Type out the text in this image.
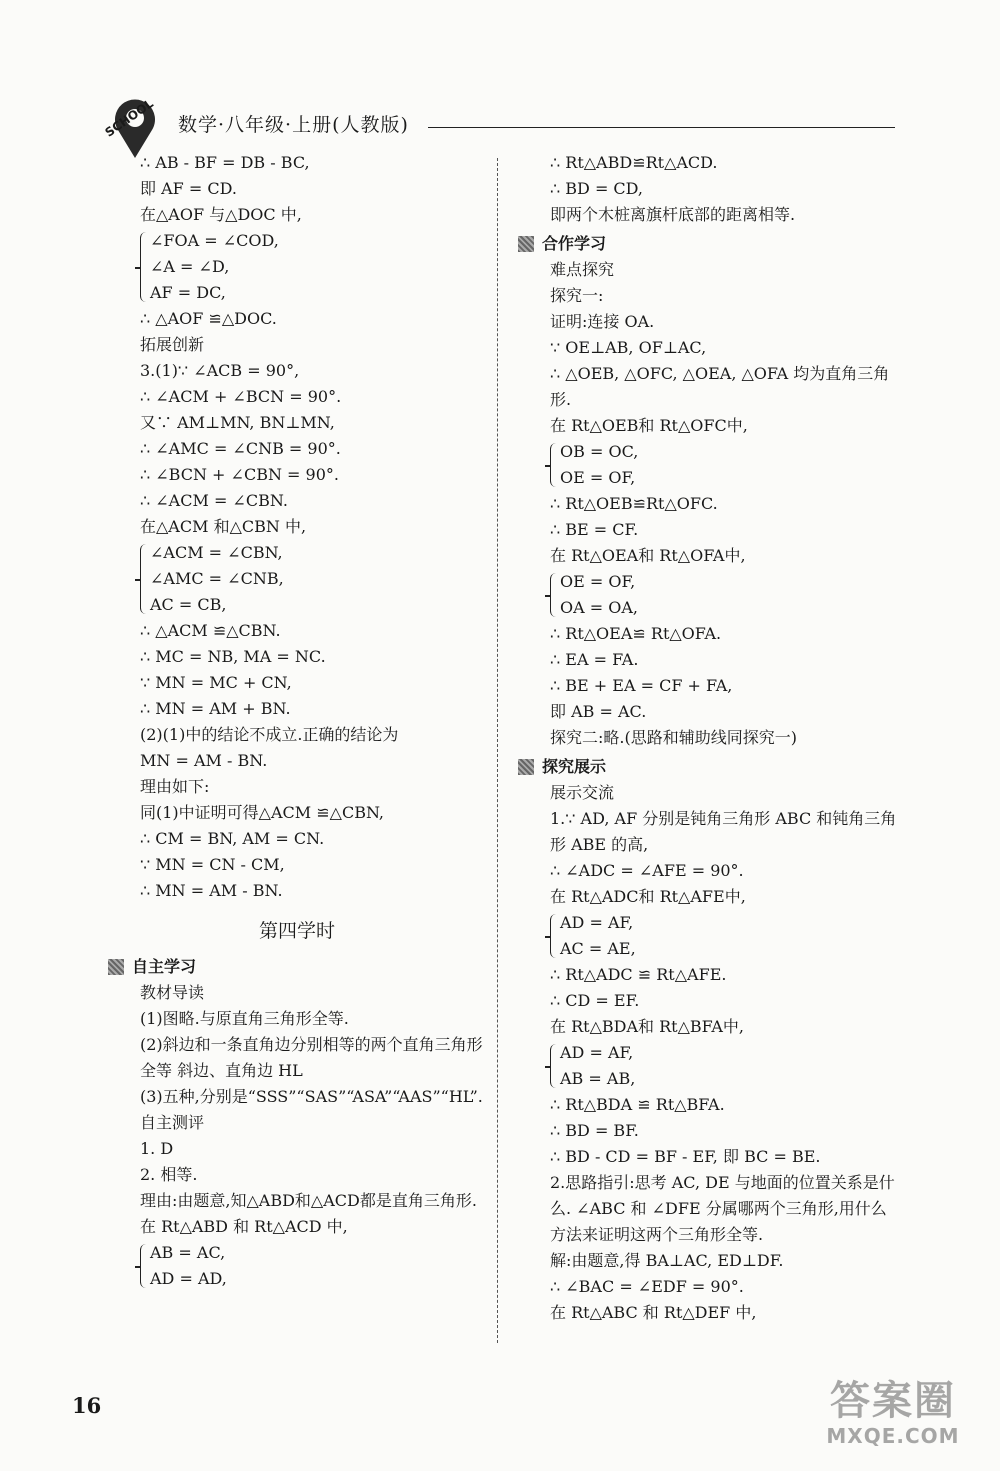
SCHOOL 数学·八年级·上册(人教版)
∴ AB - BF = DB - BC,
即 AF = CD.
在△AOF 与△DOC 中,
∠FOA = ∠COD,
∠A = ∠D,
AF = DC,
∴ △AOF ≌△DOC.
拓展创新
3.(1)∵ ∠ACB = 90°,
∴ ∠ACM + ∠BCN = 90°.
又∵ AM⊥MN, BN⊥MN,
∴ ∠AMC = ∠CNB = 90°.
∴ ∠BCN + ∠CBN = 90°.
∴ ∠ACM = ∠CBN.
在△ACM 和△CBN 中,
∠ACM = ∠CBN,
∠AMC = ∠CNB,
AC = CB,
∴ △ACM ≌△CBN.
∴ MC = NB, MA = NC.
∵ MN = MC + CN,
∴ MN = AM + BN.
(2)(1)中的结论不成立.正确的结论为
MN = AM - BN.
理由如下:
同(1)中证明可得△ACM ≌△CBN,
∴ CM = BN, AM = CN.
∵ MN = CN - CM,
∴ MN = AM - BN.
第四学时
自主学习
教材导读
(1)图略.与原直角三角形全等.
(2)斜边和一条直角边分别相等的两个直角三角形全等 斜边、直角边 HL
(3)五种,分别是“SSS”“SAS”“ASA”“AAS”“HL”.
自主测评
1. D
2. 相等.
理由:由题意,知△ABD和△ACD都是直角三角形.
在 Rt△ABD 和 Rt△ACD 中,
AB = AC,
AD = AD,
∴ Rt△ABD≌Rt△ACD.
∴ BD = CD,
即两个木桩离旗杆底部的距离相等.
合作学习
难点探究
探究一:
证明:连接 OA.
∵ OE⊥AB, OF⊥AC,
∴ △OEB, △OFC, △OEA, △OFA 均为直角三角形.
在 Rt△OEB和 Rt△OFC中,
OB = OC,
OE = OF,
∴ Rt△OEB≌Rt△OFC.
∴ BE = CF.
在 Rt△OEA和 Rt△OFA中,
OE = OF,
OA = OA,
∴ Rt△OEA≌ Rt△OFA.
∴ EA = FA.
∴ BE + EA = CF + FA,
即 AB = AC.
探究二:略.(思路和辅助线同探究一)
探究展示
展示交流
1.∵ AD, AF 分别是钝角三角形 ABC 和钝角三角形 ABE 的高,
∴ ∠ADC = ∠AFE = 90°.
在 Rt△ADC和 Rt△AFE中,
AD = AF,
AC = AE,
∴ Rt△ADC ≌ Rt△AFE.
∴ CD = EF.
在 Rt△BDA和 Rt△BFA中,
AD = AF,
AB = AB,
∴ Rt△BDA ≌ Rt△BFA.
∴ BD = BF.
∴ BD - CD = BF - EF, 即 BC = BE.
2.思路指引:思考 AC, DE 与地面的位置关系是什么. ∠ABC 和 ∠DFE 分属哪两个三角形,用什么方法来证明这两个三角形全等.
解:由题意,得 BA⊥AC, ED⊥DF.
∴ ∠BAC = ∠EDF = 90°.
在 Rt△ABC 和 Rt△DEF 中,
16	答案圈
MXQE.COM
